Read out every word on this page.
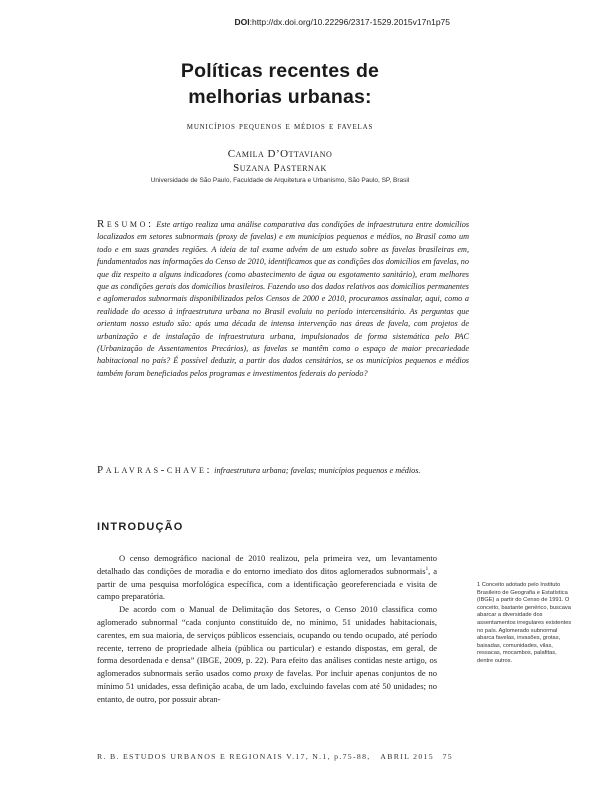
DOI:http://dx.doi.org/10.22296/2317-1529.2015v17n1p75
Políticas recentes de
melhorias urbanas:
municípios pequenos e médios e favelas
Camila D’Ottaviano
Suzana Pasternak
Universidade de São Paulo, Faculdade de Arquitetura e Urbanismo, São Paulo, SP, Brasil
Resumo: Este artigo realiza uma análise comparativa das condições de infraestrutura entre domicílios localizados em setores subnormais (proxy de favelas) e em municípios pequenos e médios, no Brasil como um todo e em suas grandes regiões. A ideia de tal exame advém de um estudo sobre as favelas brasileiras em, fundamentados nas informações do Censo de 2010, identificamos que as condições dos domicílios em favelas, no que diz respeito a alguns indicadores (como abastecimento de água ou esgotamento sanitário), eram melhores que as condições gerais dos domicílios brasileiros. Fazendo uso dos dados relativos aos domicílios permanentes e aglomerados subnormais disponibilizados pelos Censos de 2000 e 2010, procuramos assinalar, aqui, como a realidade do acesso à infraestrutura urbana no Brasil evoluiu no período intercensitário. As perguntas que orientam nosso estudo são: após uma década de intensa intervenção nas áreas de favela, com projetos de urbanização e de instalação de infraestrutura urbana, impulsionados de forma sistemática pelo PAC (Urbanização de Assentamentos Precários), as favelas se mantêm como o espaço de maior precariedade habitacional no país? É possível deduzir, a partir dos dados censitários, se os municípios pequenos e médios também foram beneficiados pelos programas e investimentos federais do período?
Palavras-chave: infraestrutura urbana; favelas; municípios pequenos e médios.
INTRODUÇÃO

O censo demográfico nacional de 2010 realizou, pela primeira vez, um levantamento detalhado das condições de moradia e do entorno imediato dos ditos aglomerados subnormais$^1$, a partir de uma pesquisa morfológica específica, com a identificação georeferenciada e visita de campo preparatória.

De acordo com o Manual de Delimitação dos Setores, o Censo 2010 classifica como aglomerado subnormal “cada conjunto constituído de, no mínimo, 51 unidades habitacionais, carentes, em sua maioria, de serviços públicos essenciais, ocupando ou tendo ocupado, até período recente, terreno de propriedade alheia (pública ou particular) e estando dispostas, em geral, de forma desordenada e densa” (IBGE, 2009, p. 22). Para efeito das análises contidas neste artigo, os aglomerados subnormais serão usados como proxy de favelas. Por incluir apenas conjuntos de no mínimo 51 unidades, essa definição acaba, de um lado, excluindo favelas com até 50 unidades; no entanto, de outro, por possuir abran-

1 Conceito adotado pelo Instituto Brasileiro de Geografia e Estatística (IBGE) a partir do Censo de 1991. O conceito, bastante genérico, buscava abarcar a diversidade dos assentamentos irregulares existentes no país. Aglomerado subnormal abarca favelas, invasões, grotas, baixadas, comunidades, vilas, ressacas, mocambos, palafitas, dentre outros.
R. B. ESTUDOS URBANOS E REGIONAIS V.17, N.1, p.75-88, ABRIL 2015 75
